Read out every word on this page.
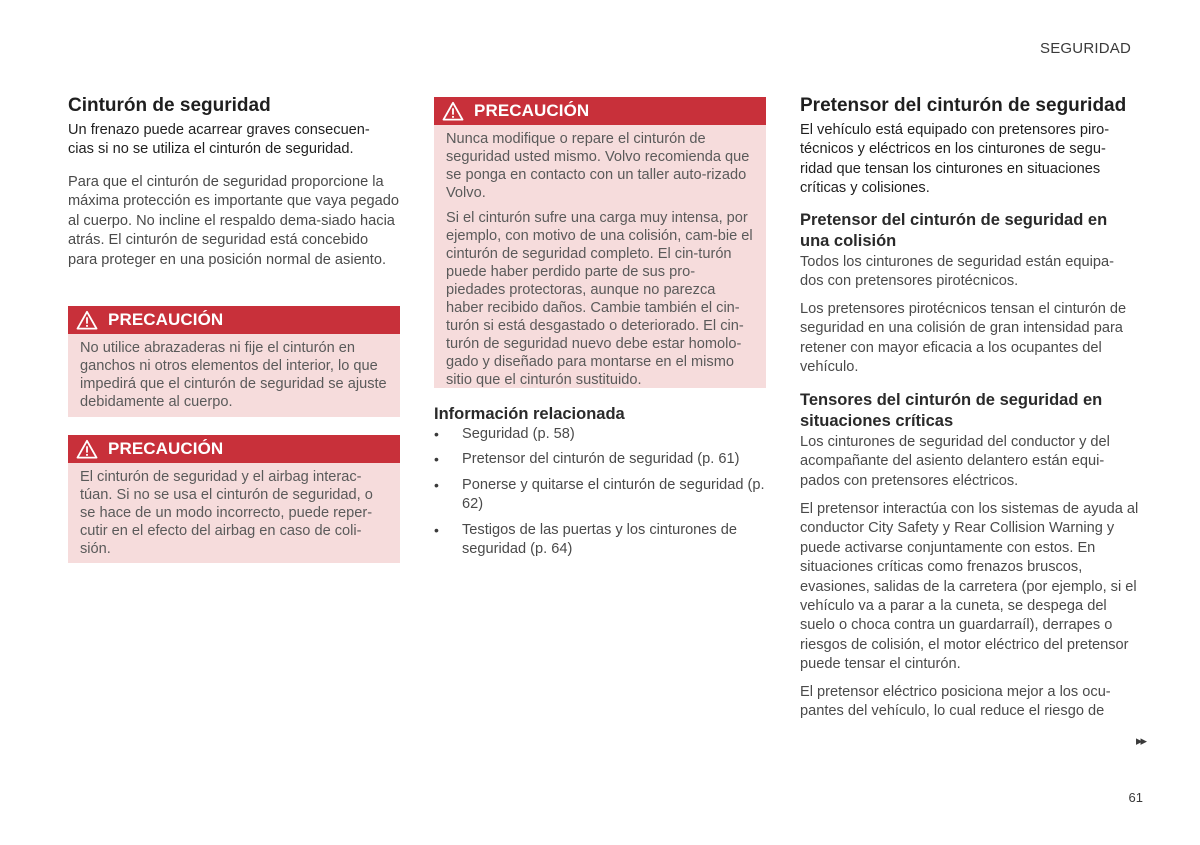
SEGURIDAD
Cinturón de seguridad

Un frenazo puede acarrear graves consecuen-cias si no se utiliza el cinturón de seguridad.

Para que el cinturón de seguridad proporcione la máxima protección es importante que vaya pegado al cuerpo. No incline el respaldo dema-siado hacia atrás. El cinturón de seguridad está concebido para proteger en una posición normal de asiento.

PRECAUCIÓN

No utilice abrazaderas ni fije el cinturón en ganchos ni otros elementos del interior, lo que impedirá que el cinturón de seguridad se ajuste debidamente al cuerpo.

PRECAUCIÓN

El cinturón de seguridad y el airbag interac-túan. Si no se usa el cinturón de seguridad, o se hace de un modo incorrecto, puede reper-cutir en el efecto del airbag en caso de coli-sión.

PRECAUCIÓN

Nunca modifique o repare el cinturón de seguridad usted mismo. Volvo recomienda que se ponga en contacto con un taller auto-rizado Volvo.

Si el cinturón sufre una carga muy intensa, por ejemplo, con motivo de una colisión, cam-bie el cinturón de seguridad completo. El cin-turón puede haber perdido parte de sus pro-piedades protectoras, aunque no parezca haber recibido daños. Cambie también el cin-turón si está desgastado o deteriorado. El cin-turón de seguridad nuevo debe estar homolo-gado y diseñado para montarse en el mismo sitio que el cinturón sustituido.

Información relacionada
• Seguridad (p. 58)
• Pretensor del cinturón de seguridad (p. 61)
• Ponerse y quitarse el cinturón de seguridad (p. 62)
• Testigos de las puertas y los cinturones de seguridad (p. 64)
Pretensor del cinturón de seguridad

El vehículo está equipado con pretensores piro-técnicos y eléctricos en los cinturones de segu-ridad que tensan los cinturones en situaciones críticas y colisiones.

Pretensor del cinturón de seguridad en una colisión

Todos los cinturones de seguridad están equipa-dos con pretensores pirotécnicos.

Los pretensores pirotécnicos tensan el cinturón de seguridad en una colisión de gran intensidad para retener con mayor eficacia a los ocupantes del vehículo.

Tensores del cinturón de seguridad en situaciones críticas

Los cinturones de seguridad del conductor y del acompañante del asiento delantero están equi-pados con pretensores eléctricos.

El pretensor interactúa con los sistemas de ayuda al conductor City Safety y Rear Collision Warning y puede activarse conjuntamente con estos. En situaciones críticas como frenazos bruscos, evasiones, salidas de la carretera (por ejemplo, si el vehículo va a parar a la cuneta, se despega del suelo o choca contra un guardarraíl), derrapes o riesgos de colisión, el motor eléctrico del pretensor puede tensar el cinturón.

El pretensor eléctrico posiciona mejor a los ocu-pantes del vehículo, lo cual reduce el riesgo de

▸▸
61
